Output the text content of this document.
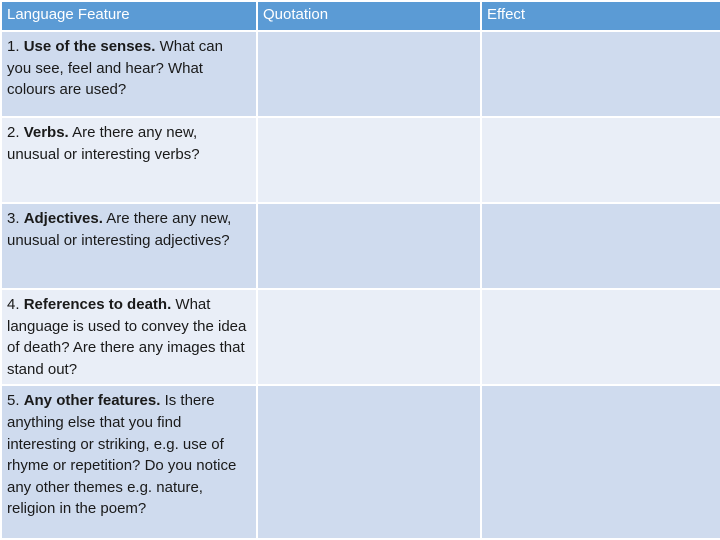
Language Feature	Quotation	Effect
1. Use of the senses. What can you see, feel and hear? What colours are used?		
2. Verbs. Are there any new, unusual or interesting verbs?		
3. Adjectives. Are there any new, unusual or interesting adjectives?		
4. References to death. What language is used to convey the idea of death? Are there any images that stand out?		
5. Any other features. Is there anything else that you find interesting or striking, e.g. use of rhyme or repetition? Do you notice any other themes e.g. nature, religion in the poem?		
